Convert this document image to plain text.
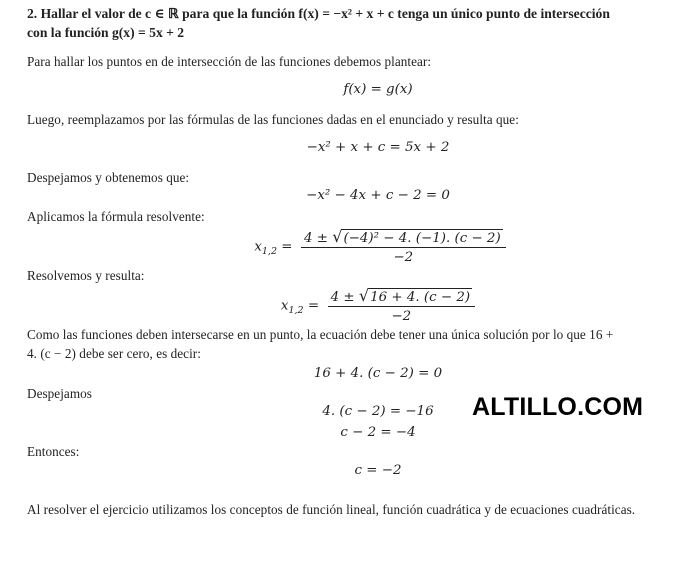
2. Hallar el valor de c ∈ ℝ para que la función f(x) = −x² + x + c tenga un único punto de intersección
con la función g(x) = 5x + 2
Para hallar los puntos en de intersección de las funciones debemos plantear:
f(x) = g(x)
Luego, reemplazamos por las fórmulas de las funciones dadas en el enunciado y resulta que:
−x² + x + c = 5x + 2
Despejamos y obtenemos que:
−x² − 4x + c − 2 = 0
Aplicamos la fórmula resolvente:
$x_{1,2} = \frac{\text{4 ± √(−4)² − 4. (−1). (c − 2)}}{-2}$
Resolvemos y resulta:
$x_{1,2} = \frac{4 \pm √16 + 4. (c - 2)}{-2}$
Como las funciones deben intersecarse en un punto, la ecuación debe tener una única solución por lo que 16 +
4. (c − 2) debe ser cero, es decir:
16 + 4. (c − 2) = 0
Despejamos
4. (c − 2) = −16
c − 2 = −4
Entonces:
c = −2
Al resolver el ejercicio utilizamos los conceptos de función lineal, función cuadrática y de ecuaciones cuadráticas.
ALTILLO.COM
